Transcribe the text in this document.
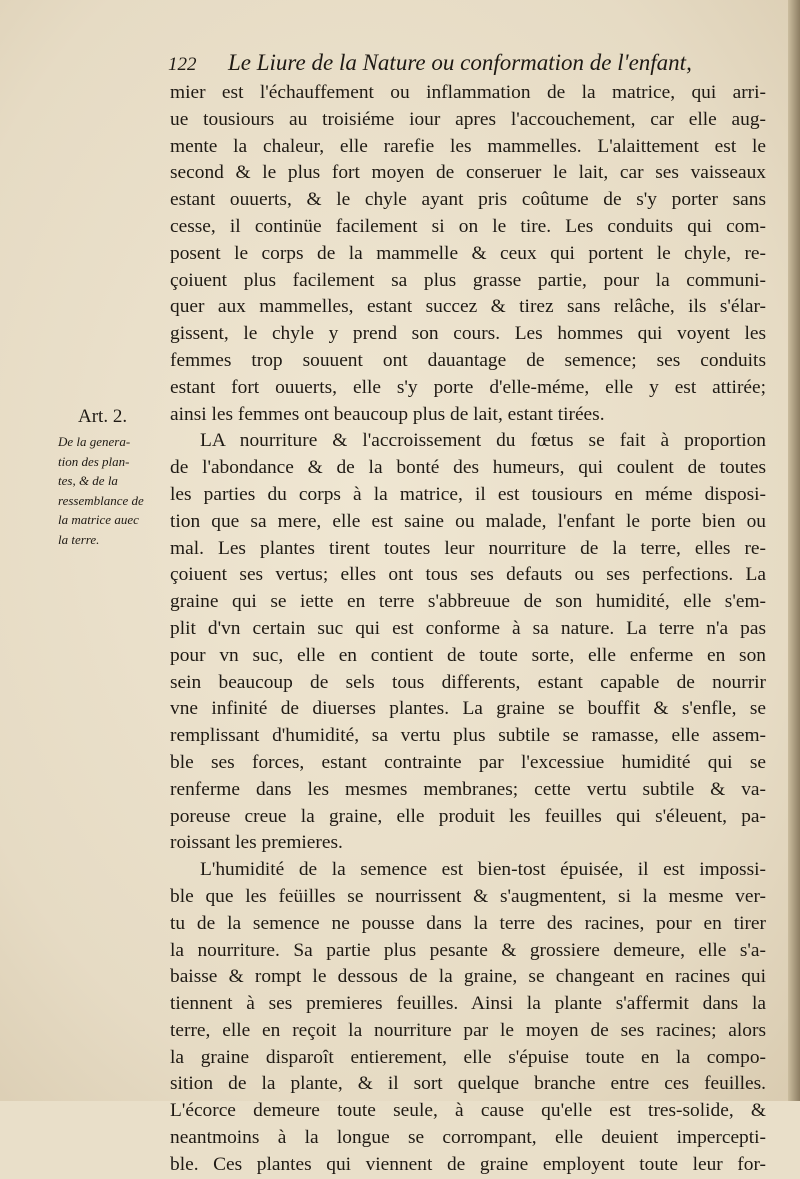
122	Le Liure de la Nature ou conformation de l'enfant,
Art. 2.
De la genera-
tion des plan-
tes, & de la
ressemblance de
la matrice auec
la terre.
mier est l'échauffement ou inflammation de la matrice, qui arri-
ue tousiours au troisiéme iour apres l'accouchement, car elle aug-
mente la chaleur, elle rarefie les mammelles. L'alaittement est le
second & le plus fort moyen de conseruer le lait, car ses vaisseaux
estant ouuerts, & le chyle ayant pris coûtume de s'y porter sans
cesse, il continüe facilement si on le tire. Les conduits qui com-
posent le corps de la mammelle & ceux qui portent le chyle, re-
çoiuent plus facilement sa plus grasse partie, pour la communi-
quer aux mammelles, estant succez & tirez sans relâche, ils s'élar-
gissent, le chyle y prend son cours. Les hommes qui voyent les
femmes trop souuent ont dauantage de semence; ses conduits
estant fort ouuerts, elle s'y porte d'elle-méme, elle y est attirée;
ainsi les femmes ont beaucoup plus de lait, estant tirées.
LA nourriture & l'accroissement du fœtus se fait à proportion
de l'abondance & de la bonté des humeurs, qui coulent de toutes
les parties du corps à la matrice, il est tousiours en méme disposi-
tion que sa mere, elle est saine ou malade, l'enfant le porte bien ou
mal. Les plantes tirent toutes leur nourriture de la terre, elles re-
çoiuent ses vertus; elles ont tous ses defauts ou ses perfections. La
graine qui se iette en terre s'abbreuue de son humidité, elle s'em-
plit d'vn certain suc qui est conforme à sa nature. La terre n'a pas
pour vn suc, elle en contient de toute sorte, elle enferme en son
sein beaucoup de sels tous differents, estant capable de nourrir
vne infinité de diuerses plantes. La graine se bouffit & s'enfle, se
remplissant d'humidité, sa vertu plus subtile se ramasse, elle assem-
ble ses forces, estant contrainte par l'excessiue humidité qui se
renferme dans les mesmes membranes; cette vertu subtile & va-
poreuse creue la graine, elle produit les feuilles qui s'éleuent, pa-
roissant les premieres.
L'humidité de la semence est bien-tost épuisée, il est impossi-
ble que les feüilles se nourrissent & s'augmentent, si la mesme ver-
tu de la semence ne pousse dans la terre des racines, pour en tirer
la nourriture. Sa partie plus pesante & grossiere demeure, elle s'a-
baisse & rompt le dessous de la graine, se changeant en racines qui
tiennent à ses premieres feuilles. Ainsi la plante s'affermit dans la
terre, elle en reçoit la nourriture par le moyen de ses racines; alors
la graine disparoît entierement, elle s'épuise toute en la compo-
sition de la plante, & il sort quelque branche entre ces feuilles.
L'écorce demeure toute seule, à cause qu'elle est tres-solide, &
neantmoins à la longue se corrompant, elle deuient impercepti-
ble. Ces plantes qui viennent de graine employent toute leur for-
